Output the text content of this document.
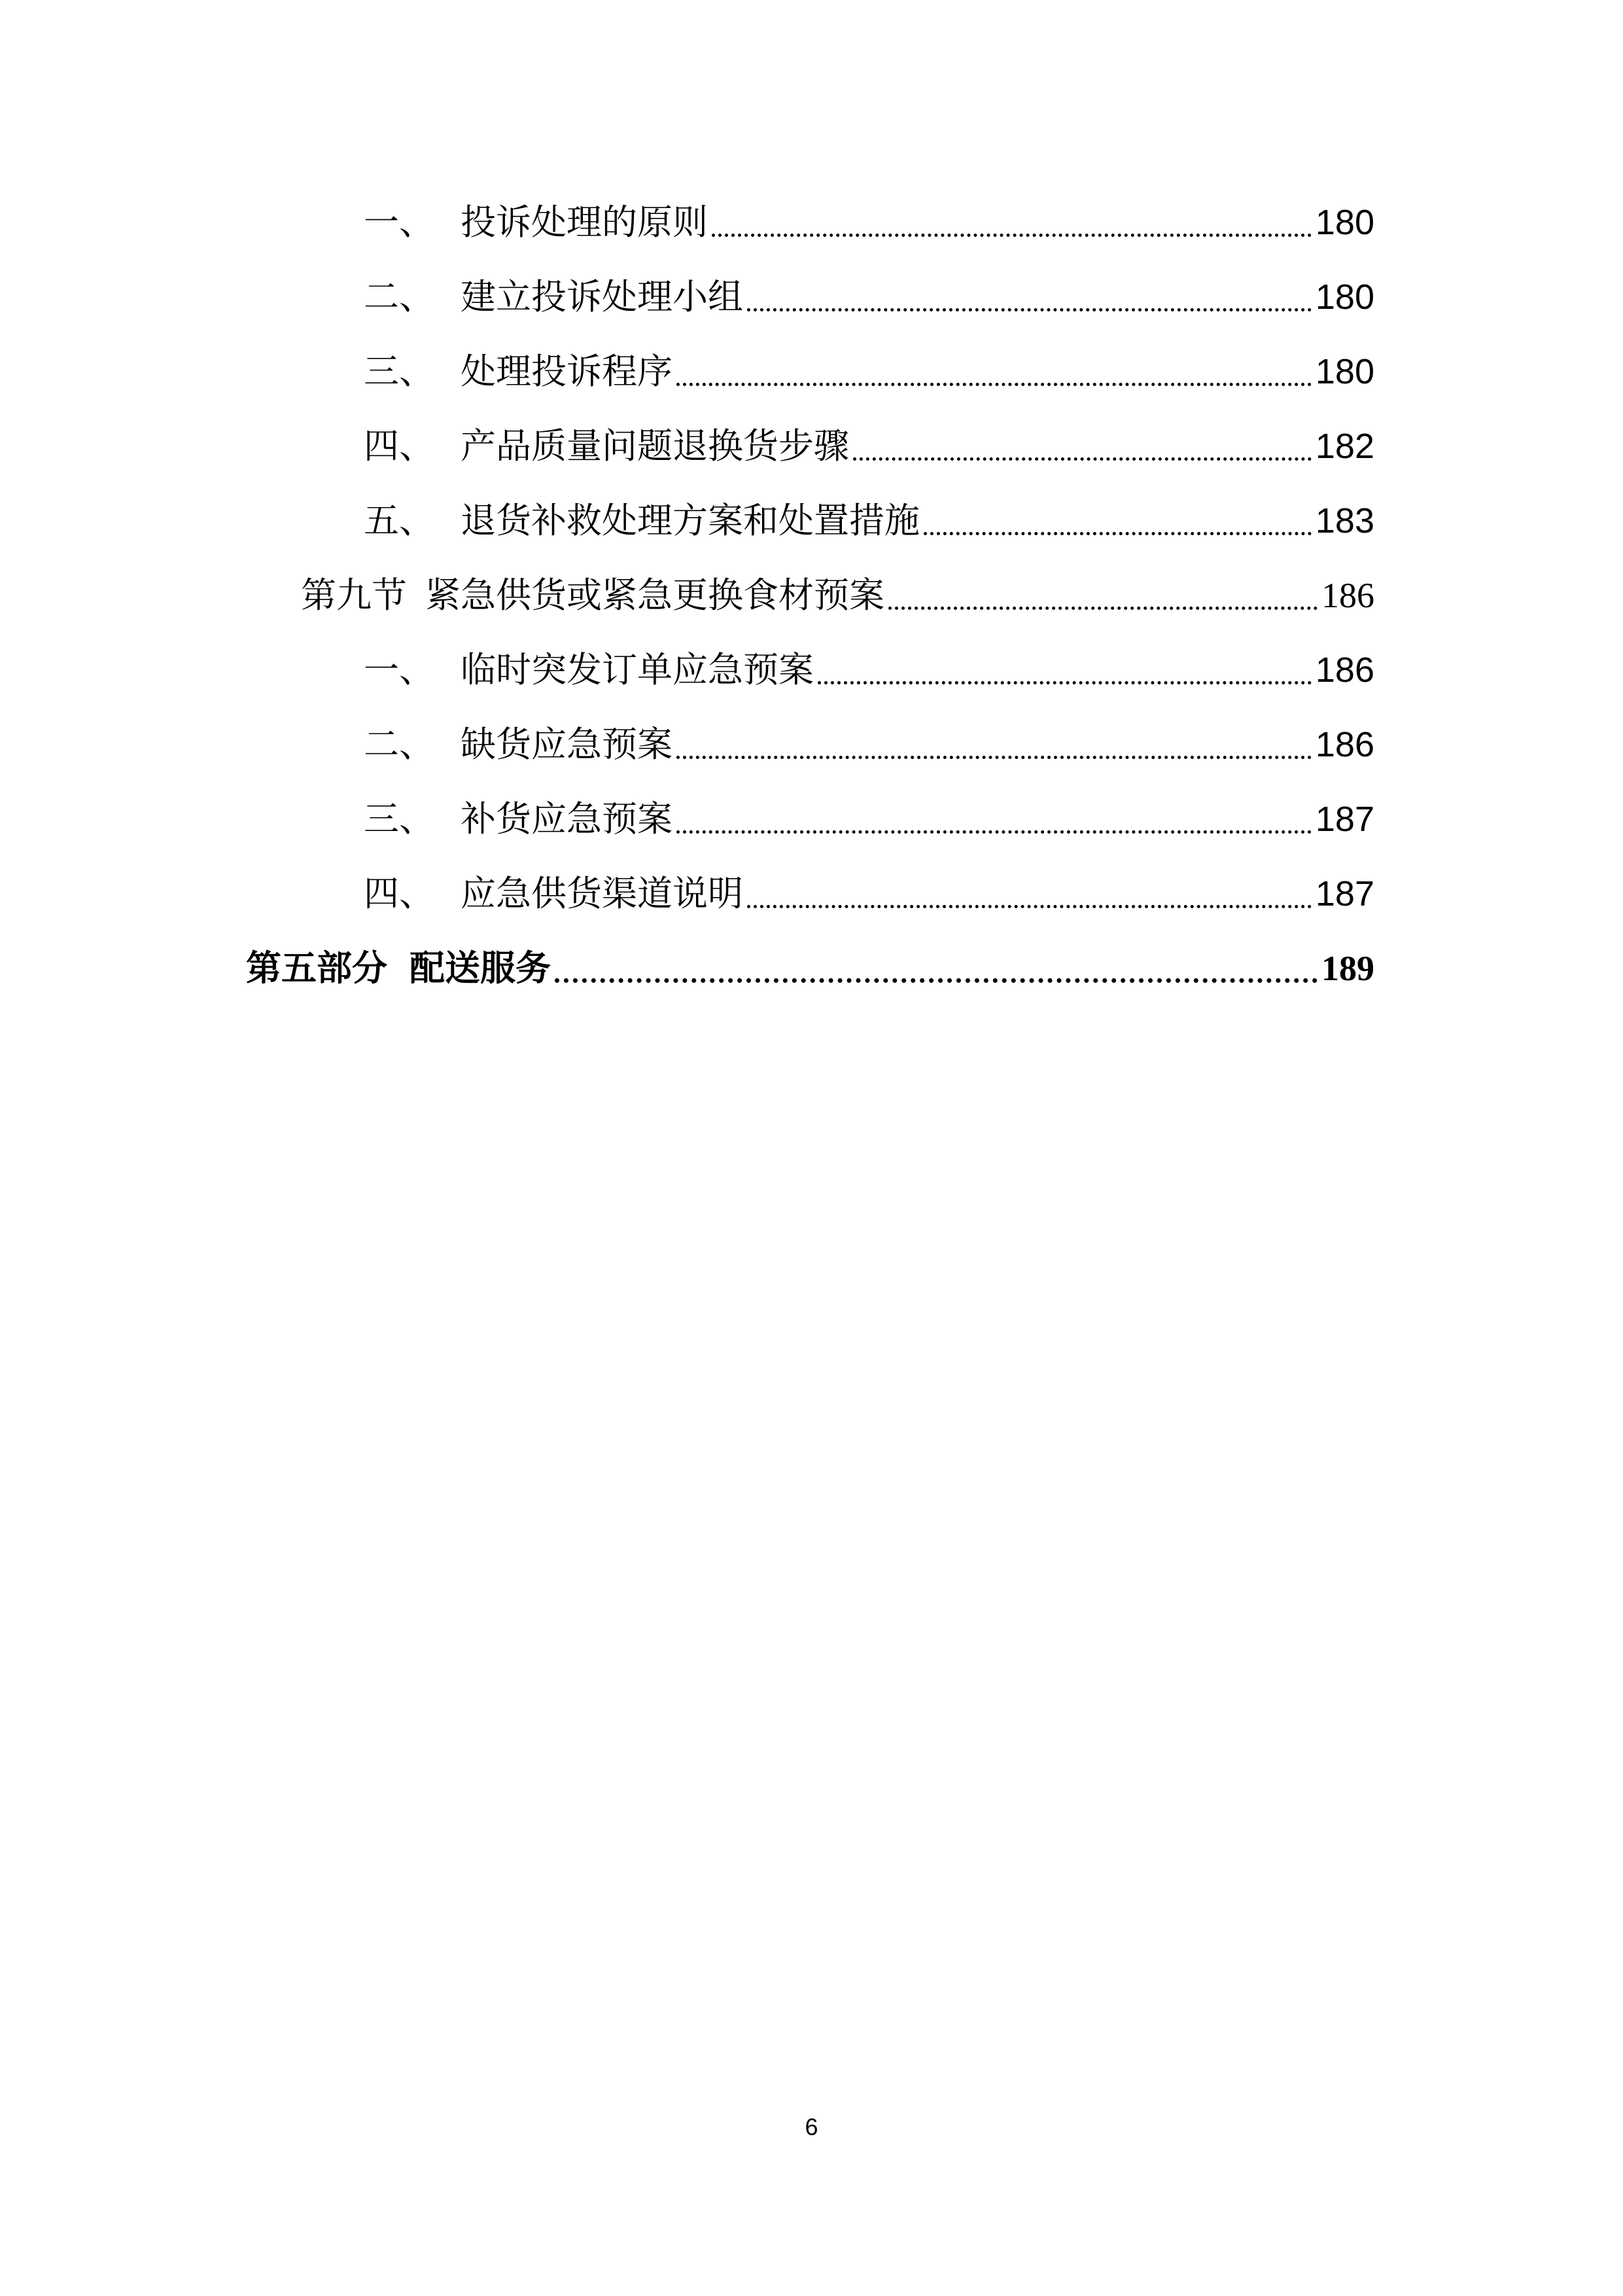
一、 投诉处理的原则	180
二、 建立投诉处理小组	180
三、 处理投诉程序	180
四、 产品质量问题退换货步骤	182
五、 退货补救处理方案和处置措施	183
第九节 紧急供货或紧急更换食材预案	186
一、 临时突发订单应急预案	186
二、 缺货应急预案	186
三、 补货应急预案	187
四、 应急供货渠道说明	187
第五部分 配送服务	189
6
